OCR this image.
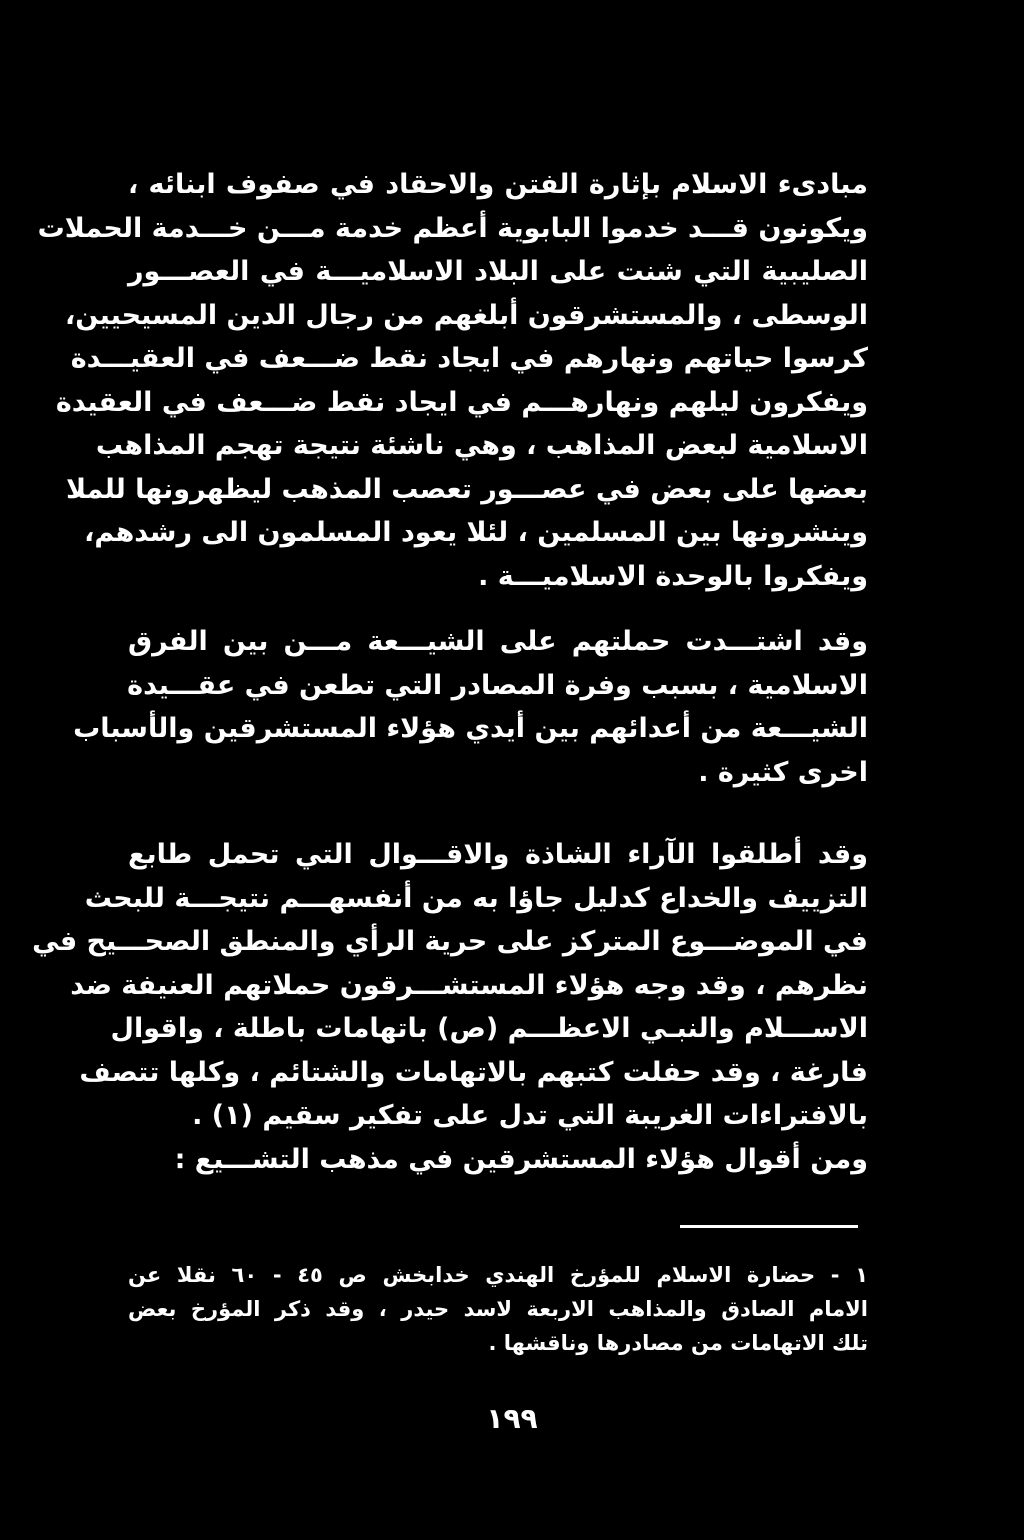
مبادىء الاسلام بإثارة الفتن والاحقاد في صفوف ابنائه ،
ويكونون قـــد خدموا البابوية أعظم خدمة مـــن خـــدمة الحملات
الصليبية التي شنت على البلاد الاسلاميـــة في العصـــور
الوسطى ، والمستشرقون أبلغهم من رجال الدين المسيحيين،
كرسوا حياتهم ونهارهم في ايجاد نقط ضـــعف في العقيـــدة
ويفكرون ليلهم ونهارهـــم في ايجاد نقط ضـــعف في العقيدة
الاسلامية لبعض المذاهب ، وهي ناشئة نتيجة تهجم المذاهب
بعضها على بعض في عصـــور تعصب المذهب ليظهرونها للملا
وينشرونها بين المسلمين ، لئلا يعود المسلمون الى رشدهم،
ويفكروا بالوحدة الاسلاميـــة .
وقد اشتـــدت حملتهم على الشيـــعة مـــن بين الفرق
الاسلامية ، بسبب وفرة المصادر التي تطعن في عقـــيدة
الشيـــعة من أعدائهم بين أيدي هؤلاء المستشرقين والأسباب
اخرى كثيرة .
وقد أطلقوا الآراء الشاذة والاقـــوال التي تحمل طابع
التزييف والخداع كدليل جاؤا به من أنفسهـــم نتيجـــة للبحث
في الموضـــوع المتركز على حرية الرأي والمنطق الصحـــيح في
نظرهم ، وقد وجه هؤلاء المستشـــرقون حملاتهم العنيفة ضد
الاســـلام والنبـي الاعظـــم (ص) باتهامات باطلة ، واقوال
فارغة ، وقد حفلت كتبهم بالاتهامات والشتائم ، وكلها تتصف
بالافتراءات الغريبة التي تدل على تفكير سقيم (١) .
ومن أقوال هؤلاء المستشرقين في مذهب التشـــيع :
١ - حضارة الاسلام للمؤرخ الهندي خدابخش ص ٤٥ - ٦٠ نقلا عن
الامام الصادق والمذاهب الاربعة لاسد حيدر ، وقد ذكر المؤرخ بعض
تلك الاتهامات من مصادرها وناقشها .
١٩٩
